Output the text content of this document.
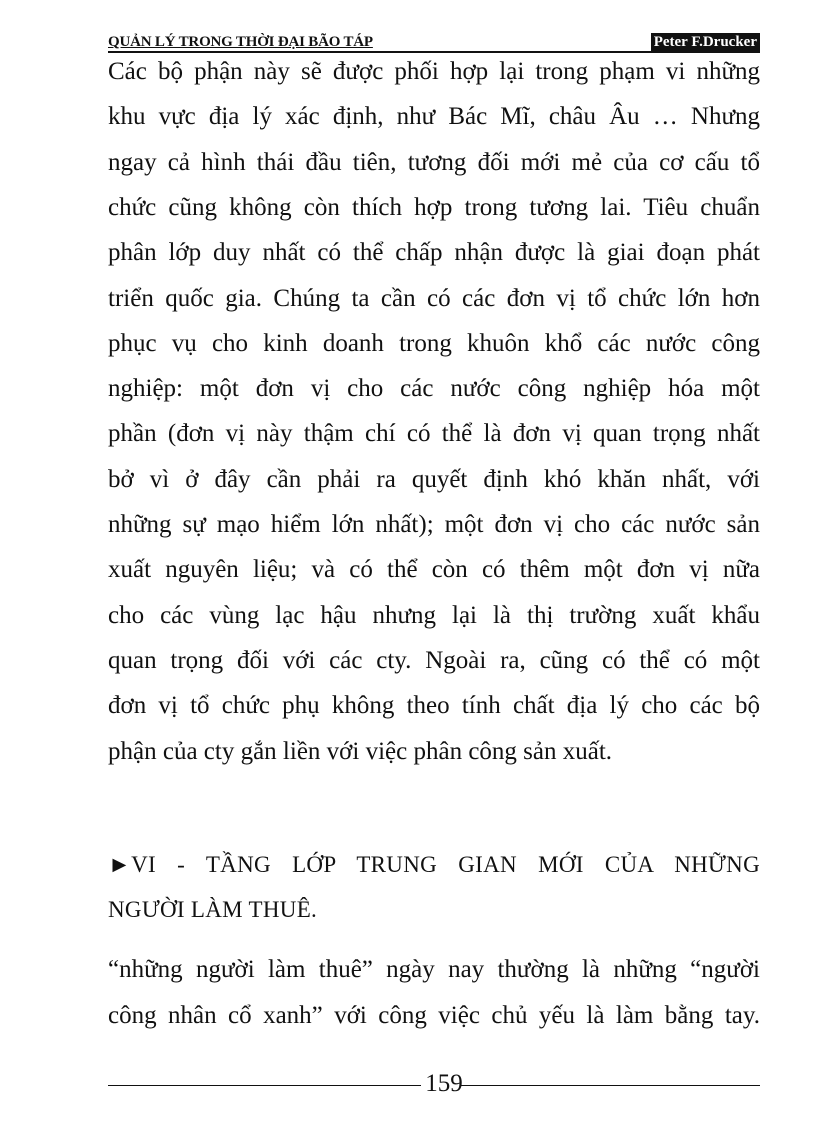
QUẢN LÝ TRONG THỜI ĐẠI BÃO TÁP	Peter F.Drucker
Các bộ phận này sẽ được phối hợp lại trong phạm vi những
khu vực địa lý xác định, như Bác Mĩ, châu Âu … Nhưng
ngay cả hình thái đầu tiên, tương đối mới mẻ của cơ cấu tổ
chức cũng không còn thích hợp trong tương lai. Tiêu chuẩn
phân lớp duy nhất có thể chấp nhận được là giai đoạn phát
triển quốc gia. Chúng ta cần có các đơn vị tổ chức lớn hơn
phục vụ cho kinh doanh trong khuôn khổ các nước công
nghiệp: một đơn vị cho các nước công nghiệp hóa một
phần (đơn vị này thậm chí có thể là đơn vị quan trọng nhất
bở vì ở đây cần phải ra quyết định khó khăn nhất, với
những sự mạo hiểm lớn nhất); một đơn vị cho các nước sản
xuất nguyên liệu; và có thể còn có thêm một đơn vị nữa
cho các vùng lạc hậu nhưng lại là thị trường xuất khẩu
quan trọng đối với các cty. Ngoài ra, cũng có thể có một
đơn vị tổ chức phụ không theo tính chất địa lý cho các bộ
phận của cty gắn liền với việc phân công sản xuất.
►VI - TẦNG LỚP TRUNG GIAN MỚI CỦA NHỮNG
NGƯỜI LÀM THUÊ.
“những người làm thuê” ngày nay thường là những “người
công nhân cổ xanh” với công việc chủ yếu là làm bằng tay.
159
